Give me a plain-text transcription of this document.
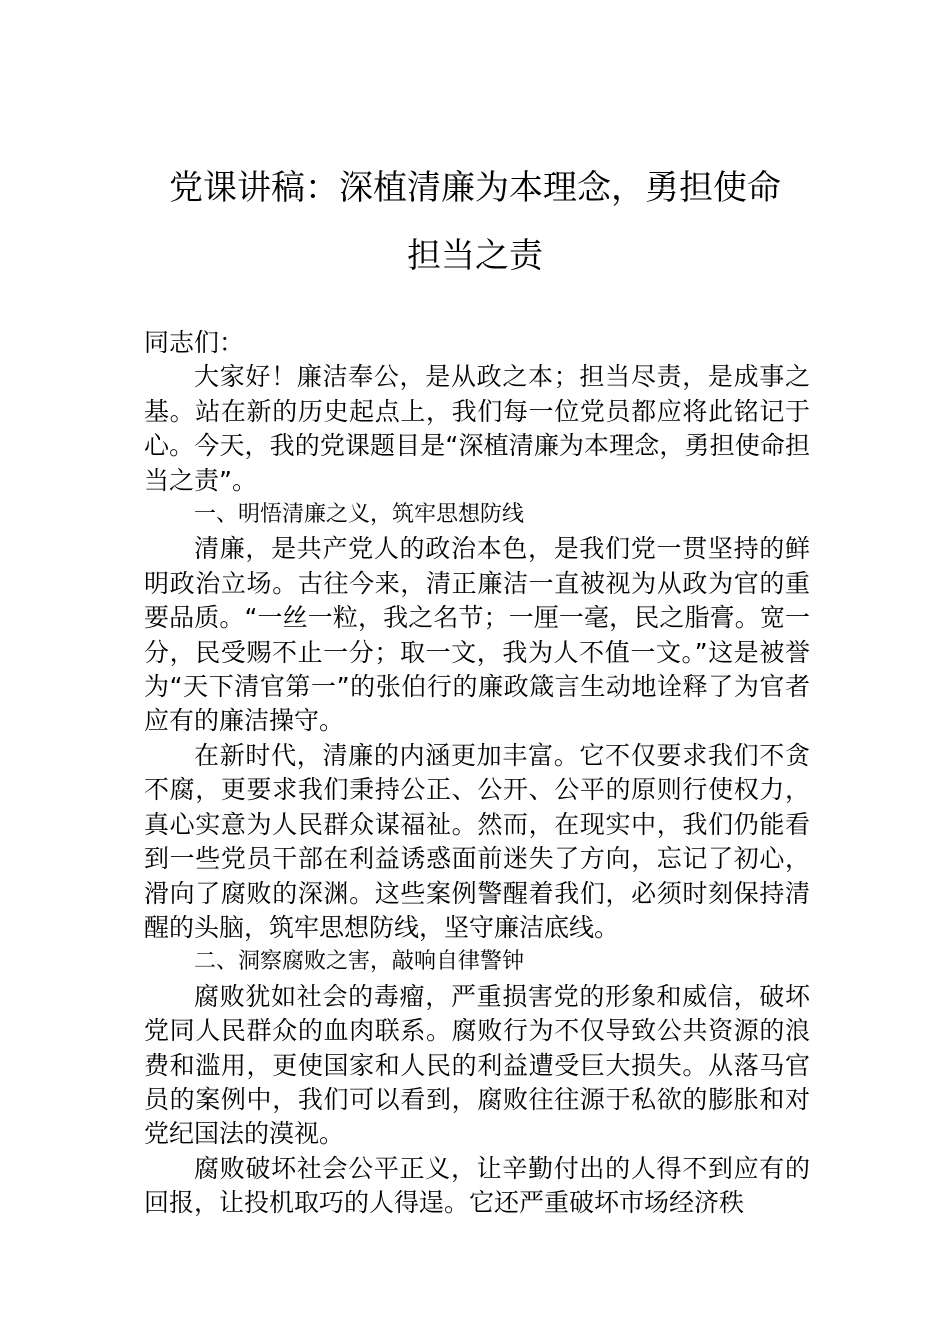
党课讲稿：深植清廉为本理念，勇担使命
担当之责

同志们：

大家好！廉洁奉公，是从政之本；担当尽责，是成事之基。站在新的历史起点上，我们每一位党员都应将此铭记于心。今天，我的党课题目是“深植清廉为本理念，勇担使命担当之责”。

一、明悟清廉之义，筑牢思想防线

清廉，是共产党人的政治本色，是我们党一贯坚持的鲜明政治立场。古往今来，清正廉洁一直被视为从政为官的重要品质。“一丝一粒，我之名节；一厘一毫，民之脂膏。宽一分，民受赐不止一分；取一文，我为人不值一文。”这是被誉为“天下清官第一”的张伯行的廉政箴言生动地诠释了为官者应有的廉洁操守。

在新时代，清廉的内涵更加丰富。它不仅要求我们不贪不腐，更要求我们秉持公正、公开、公平的原则行使权力，真心实意为人民群众谋福祉。然而，在现实中，我们仍能看到一些党员干部在利益诱惑面前迷失了方向，忘记了初心，滑向了腐败的深渊。这些案例警醒着我们，必须时刻保持清醒的头脑，筑牢思想防线，坚守廉洁底线。

二、洞察腐败之害，敲响自律警钟

腐败犹如社会的毒瘤，严重损害党的形象和威信，破坏党同人民群众的血肉联系。腐败行为不仅导致公共资源的浪费和滥用，更使国家和人民的利益遭受巨大损失。从落马官员的案例中，我们可以看到，腐败往往源于私欲的膨胀和对党纪国法的漠视。

腐败破坏社会公平正义，让辛勤付出的人得不到应有的回报，让投机取巧的人得逞。它还严重破坏市场经济秩
